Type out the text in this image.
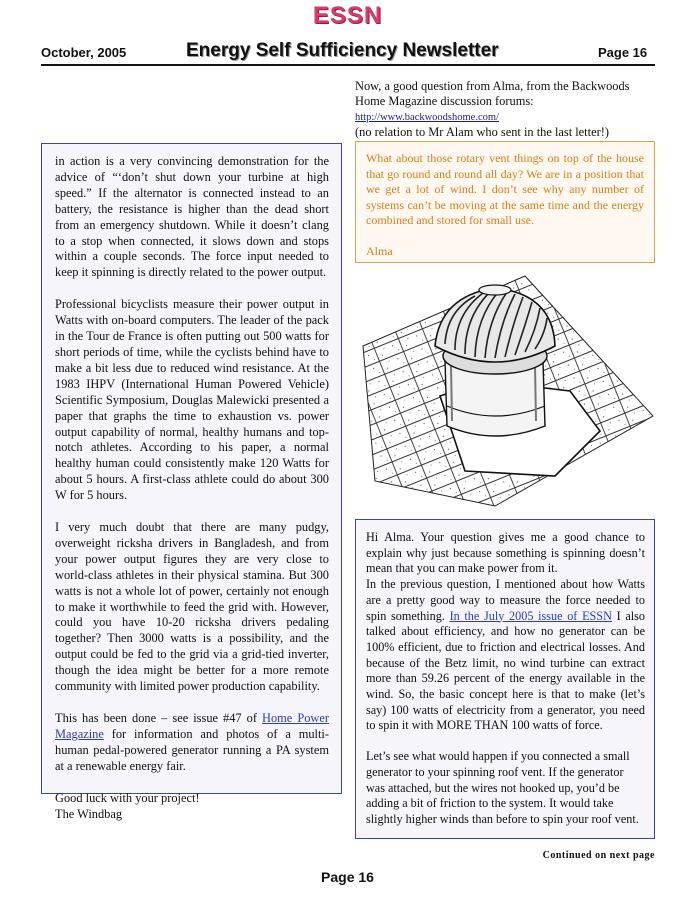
ESSN
October, 2005	Energy Self Sufficiency Newsletter	Page 16
Now, a good question from Alma, from the Backwoods Home Magazine discussion forums: http://www.backwoodshome.com/
(no relation to Mr Alam who sent in the last letter!)

in action is a very convincing demonstration for the advice of “‘don’t shut down your turbine at high speed.” If the alternator is connected instead to an battery, the resistance is higher than the dead short from an emergency shutdown. While it doesn’t clang to a stop when connected, it slows down and stops within a couple seconds. The force input needed to keep it spinning is directly related to the power output.

Professional bicyclists measure their power output in Watts with on-board computers. The leader of the pack in the Tour de France is often putting out 500 watts for short periods of time, while the cyclists behind have to make a bit less due to reduced wind resistance. At the 1983 IHPV (International Human Powered Vehicle) Scientific Symposium, Douglas Malewicki presented a paper that graphs the time to exhaustion vs. power output capability of normal, healthy humans and top-notch athletes. According to his paper, a normal healthy human could consistently make 120 Watts for about 5 hours. A first-class athlete could do about 300 W for 5 hours.

I very much doubt that there are many pudgy, overweight ricksha drivers in Bangladesh, and from your power output figures they are very close to world-class athletes in their physical stamina. But 300 watts is not a whole lot of power, certainly not enough to make it worthwhile to feed the grid with. However, could you have 10-20 ricksha drivers pedaling together? Then 3000 watts is a possibility, and the output could be fed to the grid via a grid-tied inverter, though the idea might be better for a more remote community with limited power production capability.

This has been done – see issue #47 of Home Power Magazine for information and photos of a multi-human pedal-powered generator running a PA system at a renewable energy fair.

Good luck with your project!
The Windbag

What about those rotary vent things on top of the house that go round and round all day? We are in a position that we get a lot of wind. I don’t see why any number of systems can’t be moving at the same time and the energy combined and stored for small use.

Alma

Hi Alma. Your question gives me a good chance to explain why just because something is spinning doesn’t mean that you can make power from it.

In the previous question, I mentioned about how Watts are a pretty good way to measure the force needed to spin something. In the July 2005 issue of ESSN I also talked about efficiency, and how no generator can be 100% efficient, due to friction and electrical losses. And because of the Betz limit, no wind turbine can extract more than 59.26 percent of the energy available in the wind. So, the basic concept here is that to make (let’s say) 100 watts of electricity from a generator, you need to spin it with MORE THAN 100 watts of force.

Let’s see what would happen if you connected a small generator to your spinning roof vent. If the generator was attached, but the wires not hooked up, you’d be adding a bit of friction to the system. It would take slightly higher winds than before to spin your roof vent.

Continued on next page
Page 16
